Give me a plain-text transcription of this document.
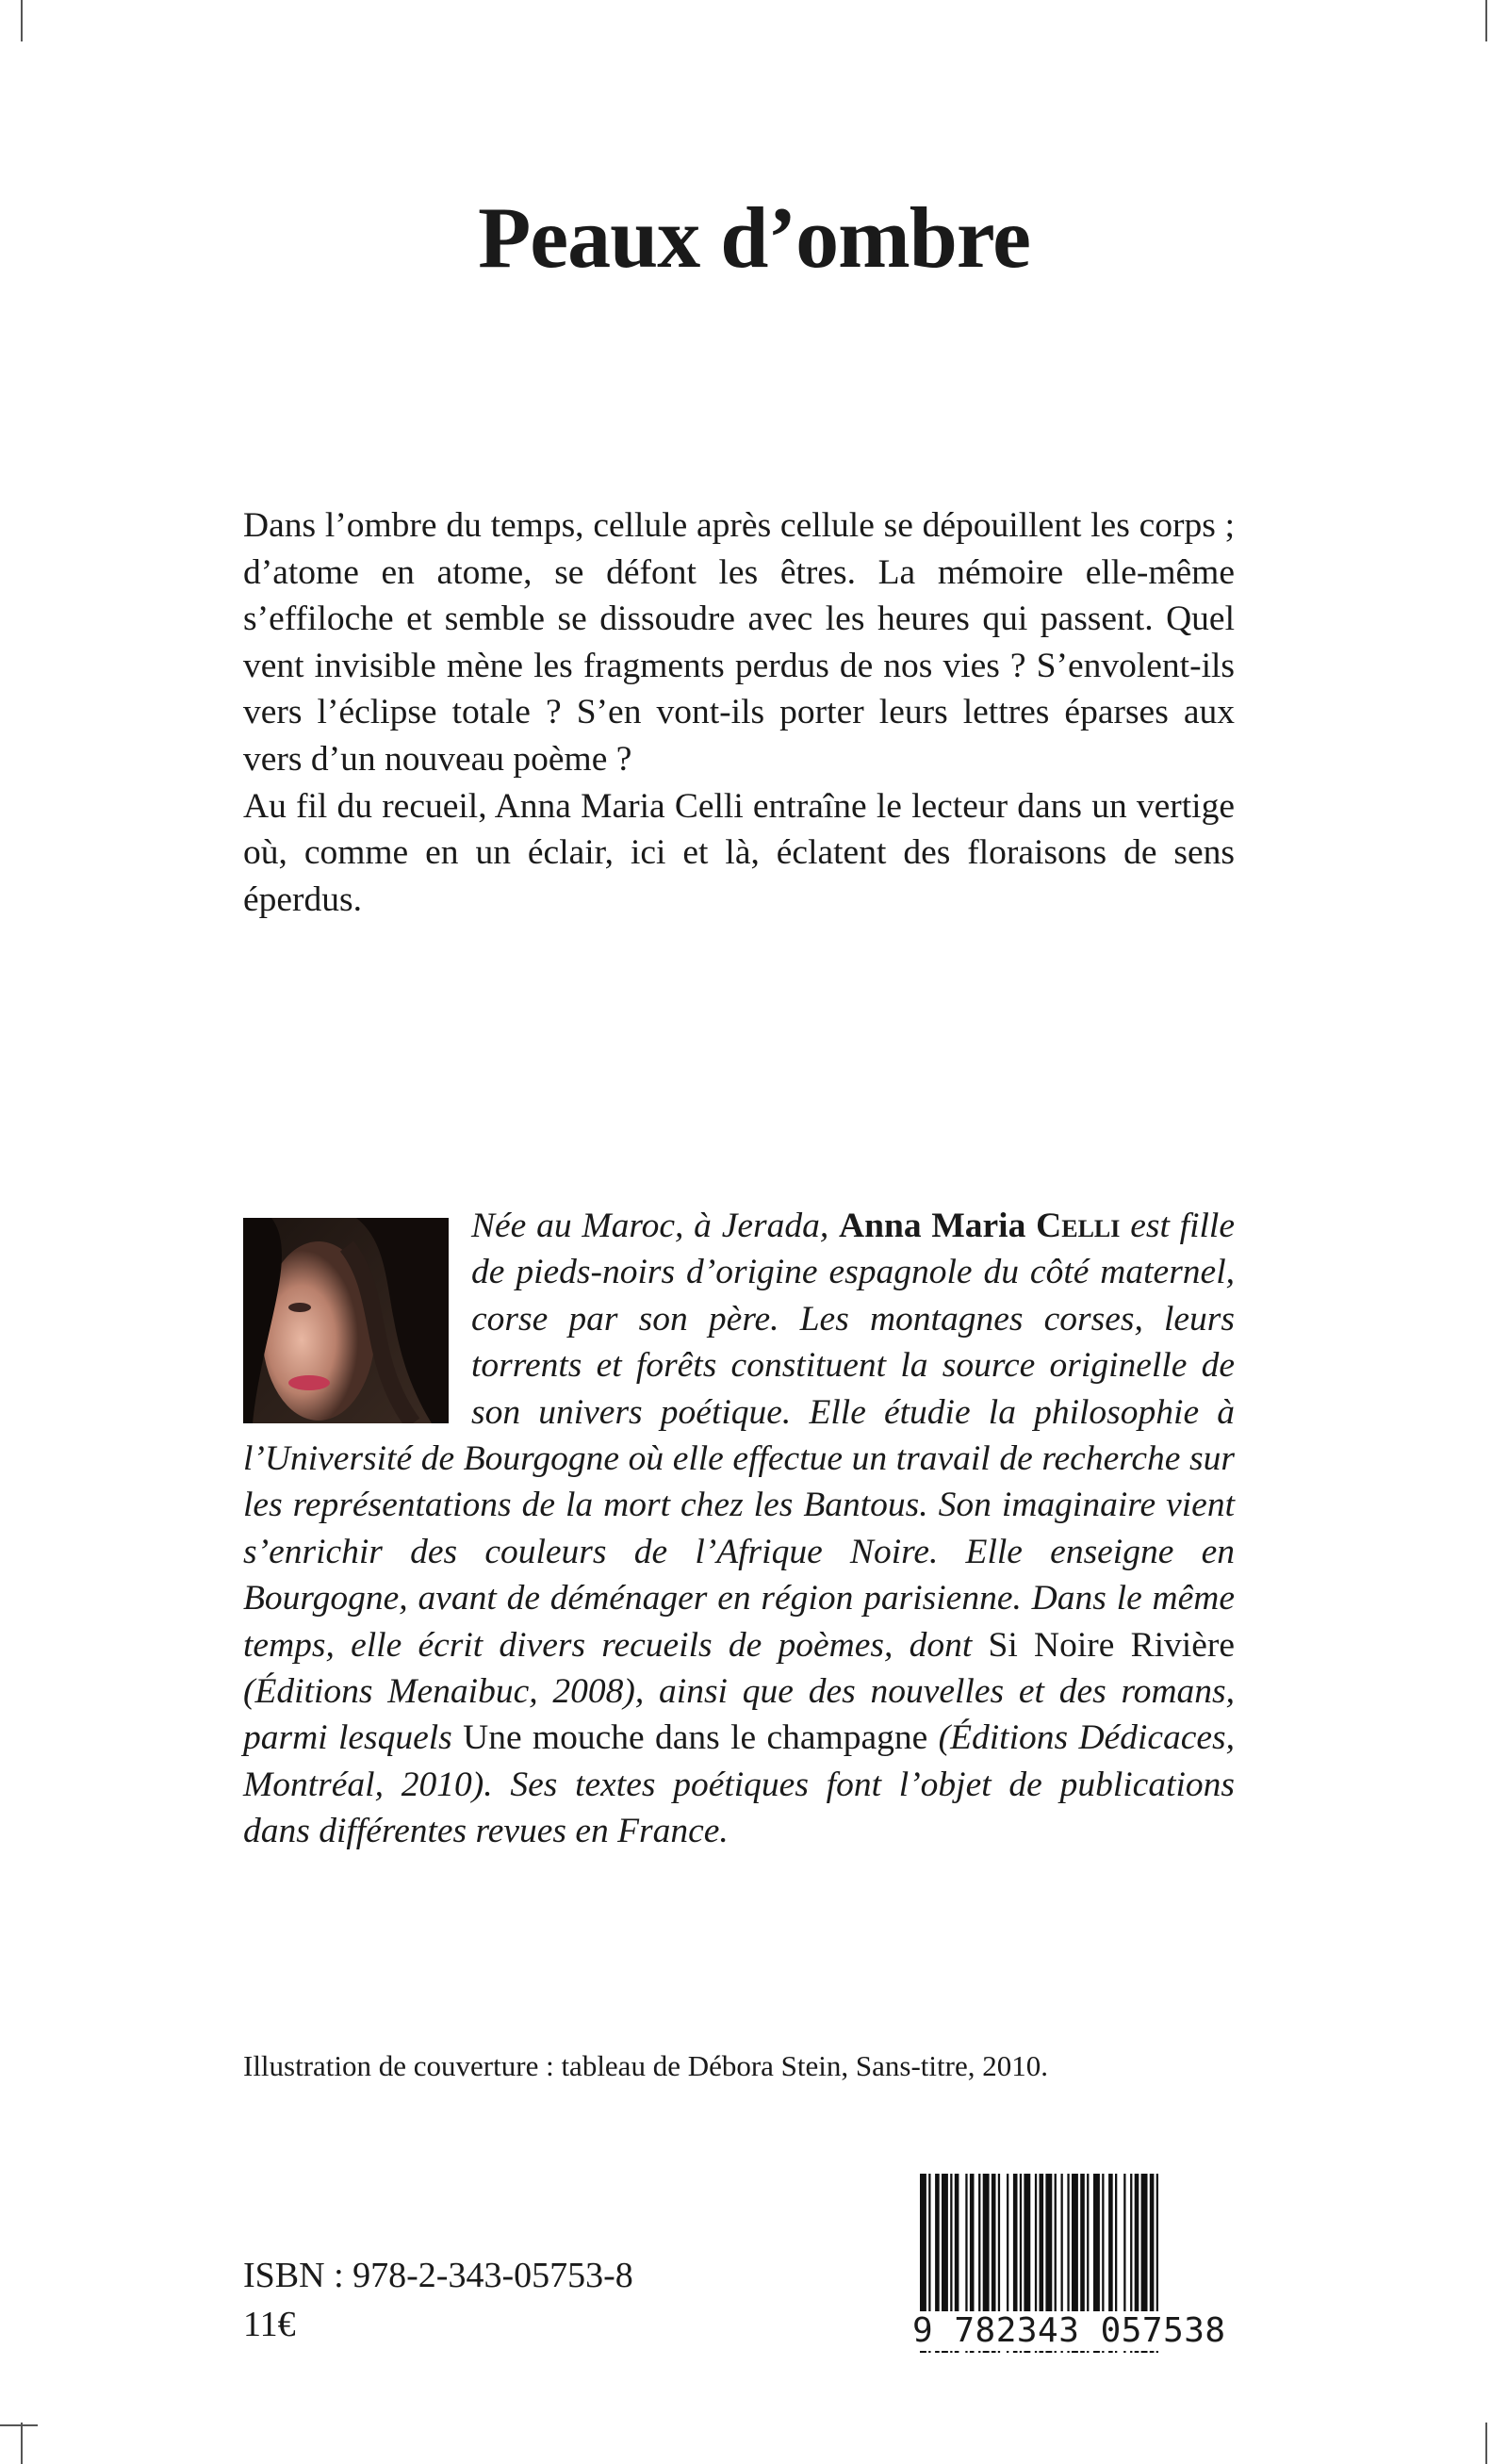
Peaux d’ombre

Dans l’ombre du temps, cellule après cellule se dépouillent les corps ; d’atome en atome, se défont les êtres. La mémoire elle-même s’effiloche et semble se dissoudre avec les heures qui passent. Quel vent invisible mène les fragments perdus de nos vies ? S’envolent-ils vers l’éclipse totale ? S’en vont-ils porter leurs lettres éparses aux vers d’un nouveau poème ?

Au fil du recueil, Anna Maria Celli entraîne le lecteur dans un vertige où, comme en un éclair, ici et là, éclatent des floraisons de sens éperdus.

Née au Maroc, à Jerada, Anna Maria Celli est fille de pieds-noirs d’origine espagnole du côté maternel, corse par son père. Les montagnes corses, leurs torrents et forêts constituent la source originelle de son univers poétique. Elle étudie la philosophie à l’Université de Bourgogne où elle effectue un travail de recherche sur les représentations de la mort chez les Bantous. Son imaginaire vient s’enrichir des couleurs de l’Afrique Noire. Elle enseigne en Bourgogne, avant de déménager en région parisienne. Dans le même temps, elle écrit divers recueils de poèmes, dont Si Noire Rivière (Éditions Menaibuc, 2008), ainsi que des nouvelles et des romans, parmi lesquels Une mouche dans le champagne (Éditions Dédicaces, Montréal, 2010). Ses textes poétiques font l’objet de publications dans différentes revues en France.
Illustration de couverture : tableau de Débora Stein, Sans-titre, 2010.
ISBN : 978-2-343-05753-8
11€	9 782343 057538
